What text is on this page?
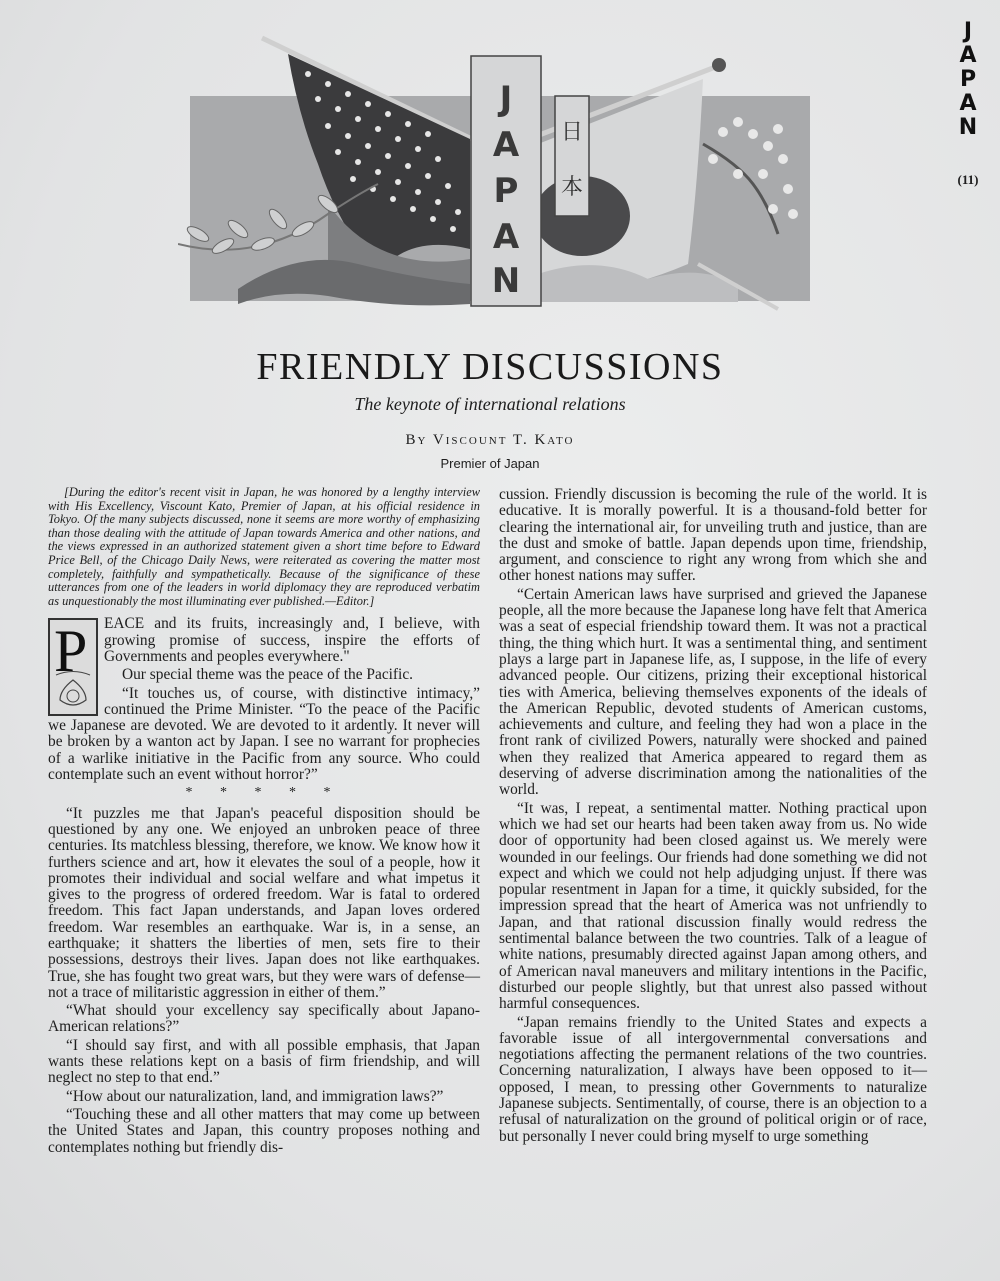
J
A
P
A
N
(11)
J
A
P
A
N
日
本
FRIENDLY DISCUSSIONS
The keynote of international relations
By Viscount T. Kato
Premier of Japan

[During the editor's recent visit in Japan, he was honored by a lengthy interview with His Excellency, Viscount Kato, Premier of Japan, at his official residence in Tokyo. Of the many subjects discussed, none it seems are more worthy of emphasizing than those dealing with the attitude of Japan towards America and other nations, and the views expressed in an authorized statement given a short time before to Edward Price Bell, of the Chicago Daily News, were reiterated as covering the matter most completely, faithfully and sympathetically. Because of the significance of these utterances from one of the leaders in world diplomacy they are reproduced verbatim as unquestionably the most illuminating ever published.—Editor.]

P	EACE and its fruits, increasingly and, I believe, with growing promise of success, inspire the efforts of Governments and peoples everywhere."

Our special theme was the peace of the Pacific.

“It touches us, of course, with distinctive intimacy,” continued the Prime Minister. “To the peace of the Pacific we Japanese are devoted. We are devoted to it ardently. It never will be broken by a wanton act by Japan. I see no warrant for prophecies of a warlike initiative in the Pacific from any source. Who could contemplate such an event without horror?”

* * * * *

“It puzzles me that Japan's peaceful disposition should be questioned by any one. We enjoyed an unbroken peace of three centuries. Its matchless blessing, therefore, we know. We know how it furthers science and art, how it elevates the soul of a people, how it promotes their individual and social welfare and what impetus it gives to the progress of ordered freedom. War is fatal to ordered freedom. This fact Japan understands, and Japan loves ordered freedom. War resembles an earthquake. War is, in a sense, an earthquake; it shatters the liberties of men, sets fire to their possessions, destroys their lives. Japan does not like earthquakes. True, she has fought two great wars, but they were wars of defense—not a trace of militaristic aggression in either of them.”

“What should your excellency say specifically about Japano-American relations?”

“I should say first, and with all possible emphasis, that Japan wants these relations kept on a basis of firm friendship, and will neglect no step to that end.”

“How about our naturalization, land, and immigration laws?”

“Touching these and all other matters that may come up between the United States and Japan, this country proposes nothing and contemplates nothing but friendly dis-

cussion. Friendly discussion is becoming the rule of the world. It is educative. It is morally powerful. It is a thousand-fold better for clearing the international air, for unveiling truth and justice, than are the dust and smoke of battle. Japan depends upon time, friendship, argument, and conscience to right any wrong from which she and other honest nations may suffer.

“Certain American laws have surprised and grieved the Japanese people, all the more because the Japanese long have felt that America was a seat of especial friendship toward them. It was not a practical thing, the thing which hurt. It was a sentimental thing, and sentiment plays a large part in Japanese life, as, I suppose, in the life of every advanced people. Our citizens, prizing their exceptional historical ties with America, believing themselves exponents of the ideals of the American Republic, devoted students of American customs, achievements and culture, and feeling they had won a place in the front rank of civilized Powers, naturally were shocked and pained when they realized that America appeared to regard them as deserving of adverse discrimination among the nationalities of the world.

“It was, I repeat, a sentimental matter. Nothing practical upon which we had set our hearts had been taken away from us. No wide door of opportunity had been closed against us. We merely were wounded in our feelings. Our friends had done something we did not expect and which we could not help adjudging unjust. If there was popular resentment in Japan for a time, it quickly subsided, for the impression spread that the heart of America was not unfriendly to Japan, and that rational discussion finally would redress the sentimental balance between the two countries. Talk of a league of white nations, presumably directed against Japan among others, and of American naval maneuvers and military intentions in the Pacific, disturbed our people slightly, but that unrest also passed without harmful consequences.

“Japan remains friendly to the United States and expects a favorable issue of all intergovernmental conversations and negotiations affecting the permanent relations of the two countries. Concerning naturalization, I always have been opposed to it—opposed, I mean, to pressing other Governments to naturalize Japanese subjects. Sentimentally, of course, there is an objection to a refusal of naturalization on the ground of political origin or of race, but personally I never could bring myself to urge something
